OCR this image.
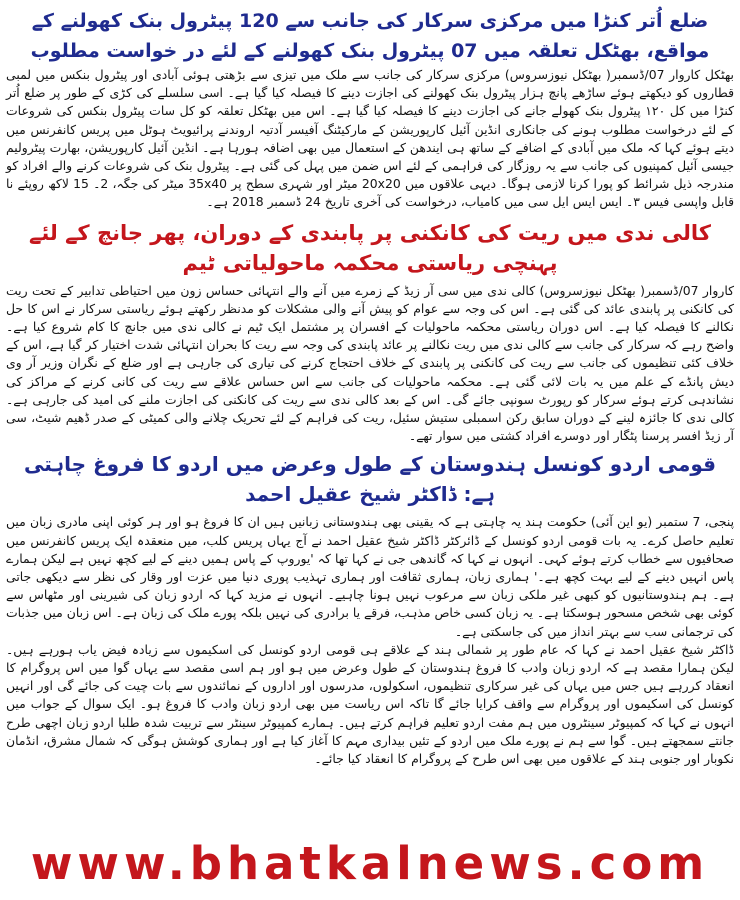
ضلع اُتر کنڑا میں مرکزی سرکار کی جانب سے 120 پیٹرول بنک کھولنے کے
مواقع، بھٹکل تعلقہ میں 07 پیٹرول بنک کھولنے کے لئے در خواست مطلوب

بھٹکل کاروار 07/ڈسمبر( بھٹکل نیوزسروس) مرکزی سرکار کی جانب سے ملک میں تیزی سے بڑھتی ہوئی آبادی اور پیٹرول بنکس میں لمبی قطاروں کو دیکھتے ہوئے ساڑھے پانچ ہزار پیٹرول بنک کھولنے کی اجازت دینے کا فیصلہ کیا گیا ہے۔ اسی سلسلے کی کڑی کے طور پر ضلع اُتر کنڑا میں کل ۱۲۰ پیٹرول بنک کھولے جانے کی اجازت دینے کا فیصلہ کیا گیا ہے۔ اس میں بھٹکل تعلقہ کو کل سات پیٹرول بنکس کی شروعات کے لئے درخواست مطلوب ہونے کی جانکاری انڈین آئیل کارپوریشن کے مارکیٹنگ آفیسر آدتیہ اروندنے پرائیویٹ ہوٹل میں پریس کانفرنس میں دیتے ہوئے کہا کہ ملک میں آبادی کے اضافے کے ساتھ ہی ایندھن کے استعمال میں بھی اضافہ ہورہا ہے۔ انڈین آئیل کارپوریشن، بھارت پیٹرولیم جیسی آئیل کمپنیوں کی جانب سے یہ روزگار کی فراہمی کے لئے اس ضمن میں پہل کی گئی ہے۔ پیٹرول بنک کی شروعات کرنے والے افراد کو مندرجہ ذیل شرائط کو پورا کرنا لازمی ہوگا۔ دیہی علاقوں میں 20x20 میٹر اور شہری سطح پر 35x40 میٹر کی جگہ، 2۔ 15 لاکھ روپئے نا قابل واپسی فیس ۳۔ ایس ایس ایل سی میں کامیاب، درخواست کی آخری تاریخ 24 ڈسمبر 2018 ہے۔

کالی ندی میں ریت کی کانکنی پر پابندی کے دوران، پھر جانچ کے لئے پہنچی ریاستی محکمہ ماحولیاتی ٹیم

کاروار 07/ڈسمبر( بھٹکل نیوزسروس) کالی ندی میں سی آر زیڈ کے زمرے میں آنے والے انتہائی حساس زون میں احتیاطی تدابیر کے تحت ریت کی کانکنی پر پابندی عائد کی گئی ہے۔ اس کی وجہ سے عوام کو پیش آنے والی مشکلات کو مدنظر رکھتے ہوئے ریاستی سرکار نے اس کا حل نکالنے کا فیصلہ کیا ہے۔ اس دوران ریاستی محکمہ ماحولیات کے افسران پر مشتمل ایک ٹیم نے کالی ندی میں جانچ کا کام شروع کیا ہے۔ واضح رہے کہ سرکار کی جانب سے کالی ندی میں ریت نکالنے پر عائد پابندی کی وجہ سے ریت کا بحران انتہائی شدت اختیار کر گیا ہے، اس کے خلاف کئی تنظیموں کی جانب سے ریت کی کانکنی پر پابندی کے خلاف احتجاج کرنے کی تیاری کی جارہی ہے اور ضلع کے نگران وزیر آر وی دیش پانڈے کے علم میں یہ بات لائی گئی ہے۔ محکمہ ماحولیات کی جانب سے اس حساس علاقے سے ریت کی کانی کرنے کے مراکز کی نشاندہی کرتے ہوئے سرکار کو رپورٹ سونپی جائے گی۔ اس کے بعد کالی ندی سے ریت کی کانکنی کی اجازت ملنے کی امید کی جارہی ہے۔ کالی ندی کا جائزہ لینے کے دوران سابق رکن اسمبلی ستیش سئیل، ریت کی فراہم کے لئے تحریک چلانے والی کمیٹی کے صدر ڈھیم شیٹ، سی آر زیڈ افسر پرسنا پٹگار اور دوسرے افراد کشتی میں سوار تھے۔

قومی اردو کونسل ہندوستان کے طول وعرض میں اردو کا فروغ چاہتی ہے: ڈاکٹر شیخ عقیل احمد

پنجی، 7 ستمبر (یو این آئی) حکومت ہند یہ چاہتی ہے کہ یقینی بھی ہندوستانی زبانیں ہیں ان کا فروغ ہو اور ہر کوئی اپنی مادری زبان میں تعلیم حاصل کرے۔ یہ بات قومی اردو کونسل کے ڈائرکٹر ڈاکٹر شیخ عقیل احمد نے آج یہاں پریس کلب، میں منعقدہ ایک پریس کانفرنس میں صحافیوں سے خطاب کرتے ہوئے کہی۔ انہوں نے کہا کہ گاندھی جی نے کہا تھا کہ 'یوروپ کے پاس ہمیں دینے کے لیے کچھ نہیں ہے لیکن ہمارے پاس انہیں دینے کے لیے بہت کچھ ہے۔' ہماری زبان، ہماری ثقافت اور ہماری تہذیب پوری دنیا میں عزت اور وقار کی نظر سے دیکھی جاتی ہے۔ ہم ہندوستانیوں کو کبھی غیر ملکی زبان سے مرعوب نہیں ہونا چاہیے۔ انہوں نے مزید کہا کہ اردو زبان کی شیرینی اور مٹھاس سے کوئی بھی شخص مسحور ہوسکتا ہے۔ یہ زبان کسی خاص مذہب، فرقے یا برادری کی نہیں بلکہ پورے ملک کی زبان ہے۔ اس زبان میں جذبات کی ترجمانی سب سے بہتر انداز میں کی جاسکتی ہے۔

ڈاکٹر شیخ عقیل احمد نے کہا کہ عام طور پر شمالی ہند کے علاقے ہی قومی اردو کونسل کی اسکیموں سے زیادہ فیض یاب ہورہے ہیں۔ لیکن ہمارا مقصد ہے کہ اردو زبان وادب کا فروغ ہندوستان کے طول وعرض میں ہو اور ہم اسی مقصد سے یہاں گوا میں اس پروگرام کا انعقاد کررہے ہیں جس میں یہاں کی غیر سرکاری تنظیموں، اسکولوں، مدرسوں اور اداروں کے نمائندوں سے بات چیت کی جائے گی اور انہیں کونسل کی اسکیموں اور پروگرام سے واقف کرایا جائے گا تاکہ اس ریاست میں بھی اردو زبان وادب کا فروغ ہو۔ ایک سوال کے جواب میں انہوں نے کہا کہ کمپیوٹر سینٹروں میں ہم مفت اردو تعلیم فراہم کرتے ہیں۔ ہمارے کمپیوٹر سینٹر سے تربیت شدہ طلبا اردو زبان اچھی طرح جانتے سمجھتے ہیں۔ گوا سے ہم نے پورے ملک میں اردو کے تئیں بیداری مہم کا آغاز کیا ہے اور ہماری کوشش ہوگی کہ شمال مشرق، انڈمان نکوبار اور جنوبی ہند کے علاقوں میں بھی اس طرح کے پروگرام کا انعقاد کیا جائے۔

www.bhatkalnews.com
